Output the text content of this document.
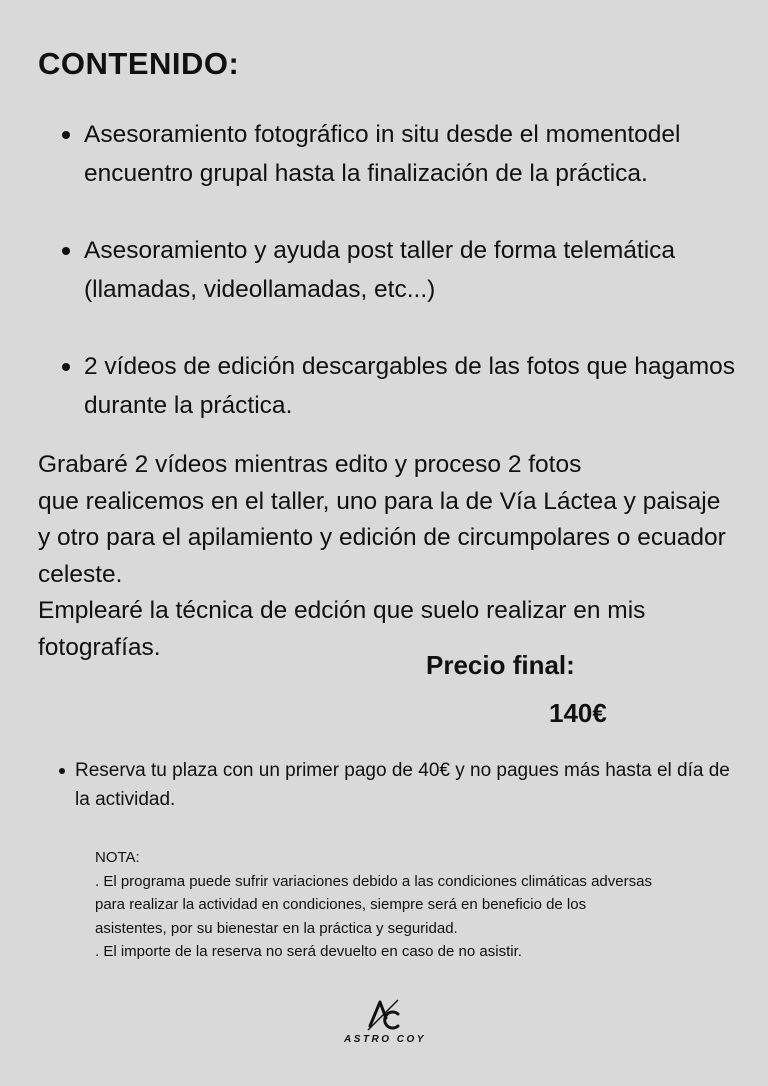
CONTENIDO:
Asesoramiento fotográfico in situ desde el momentodel encuentro grupal hasta la finalización de la práctica.
Asesoramiento y ayuda post taller de forma telemática (llamadas, videollamadas, etc...)
2 vídeos de edición descargables de las fotos que hagamos durante la práctica.

Grabaré 2 vídeos mientras edito y proceso 2 fotos

que realicemos en el taller, uno para la de Vía Láctea y paisaje y otro para el apilamiento y edición de circumpolares o ecuador celeste.

Emplearé la técnica de edción que suelo realizar en mis fotografías.

Precio final:
140€
Reserva tu plaza con un primer pago de 40€ y no pagues más hasta el día de la actividad.
NOTA:
. El programa puede sufrir variaciones debido a las condiciones climáticas adversas para realizar la actividad en condiciones, siempre será en beneficio de los asistentes, por su bienestar en la práctica y seguridad.
. El importe de la reserva no será devuelto en caso de no asistir.
ASTRO COY
